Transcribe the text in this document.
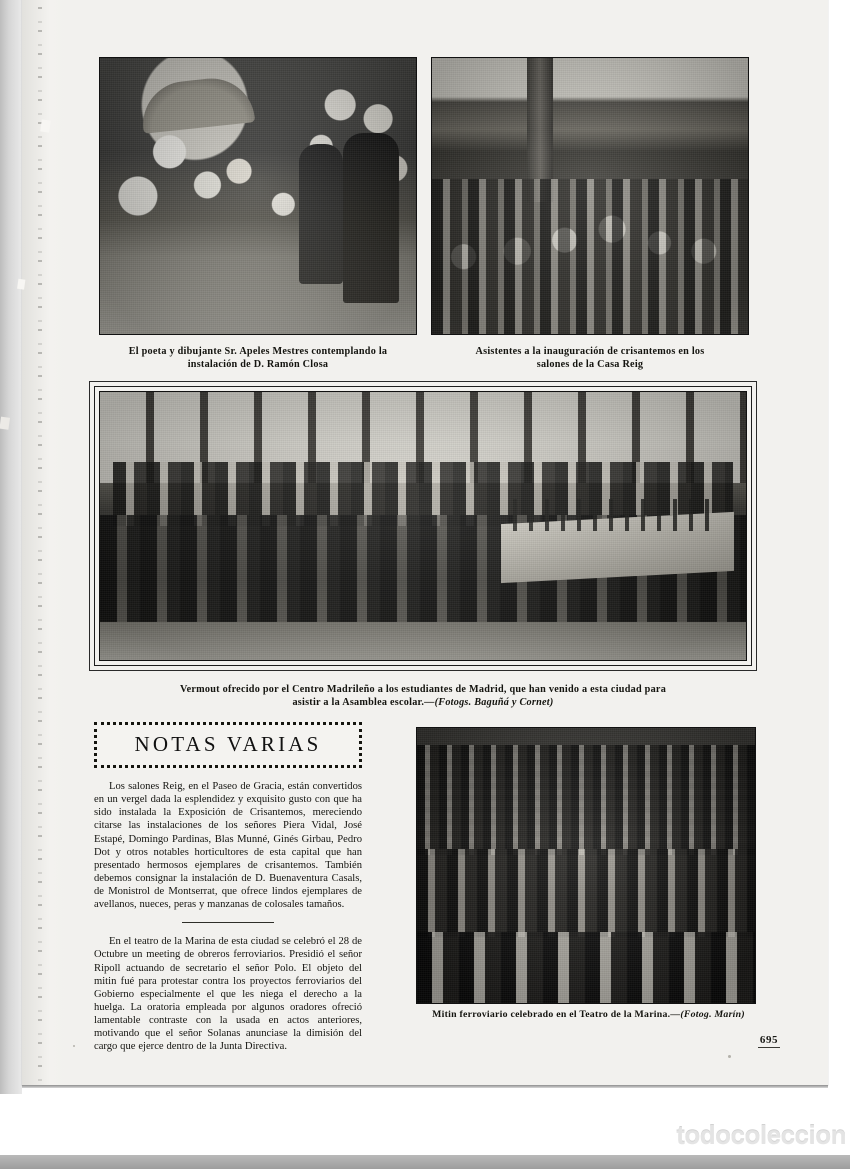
El poeta y dibujante Sr. Apeles Mestres contemplando la
instalación de D. Ramón Closa
Asistentes a la inauguración de crisantemos en los
salones de la Casa Reig
Vermout ofrecido por el Centro Madrileño a los estudiantes de Madrid, que han venido a esta ciudad para
asistir a la Asamblea escolar.—(Fotogs. Baguñá y Cornet)
NOTAS VARIAS

Los salones Reig, en el Paseo de Gracia, están convertidos en un vergel dada la esplendidez y exquisito gusto con que ha sido instalada la Exposición de Crisantemos, mereciendo citarse las instalaciones de los señores Piera Vidal, José Estapé, Domingo Pardinas, Blas Munné, Ginés Girbau, Pedro Dot y otros notables horticultores de esta capital que han presentado hermosos ejemplares de crisantemos. También debemos consignar la instalación de D. Buenaventura Casals, de Monistrol de Montserrat, que ofrece lindos ejemplares de avellanos, nueces, peras y manzanas de colosales tamaños.

En el teatro de la Marina de esta ciudad se celebró el 28 de Octubre un meeting de obreros ferroviarios. Presidió el señor Ripoll actuando de secretario el señor Polo. El objeto del mitin fué para protestar contra los proyectos ferroviarios del Gobierno especialmente el que les niega el derecho a la huelga. La oratoria empleada por algunos oradores ofreció lamentable contraste con la usada en actos anteriores, motivando que el señor Solanas anunciase la dimisión del cargo que ejerce dentro de la Junta Directiva.

Mitin ferroviario celebrado en el Teatro de la Marina.—(Fotog. Marín)
695
todocoleccion
